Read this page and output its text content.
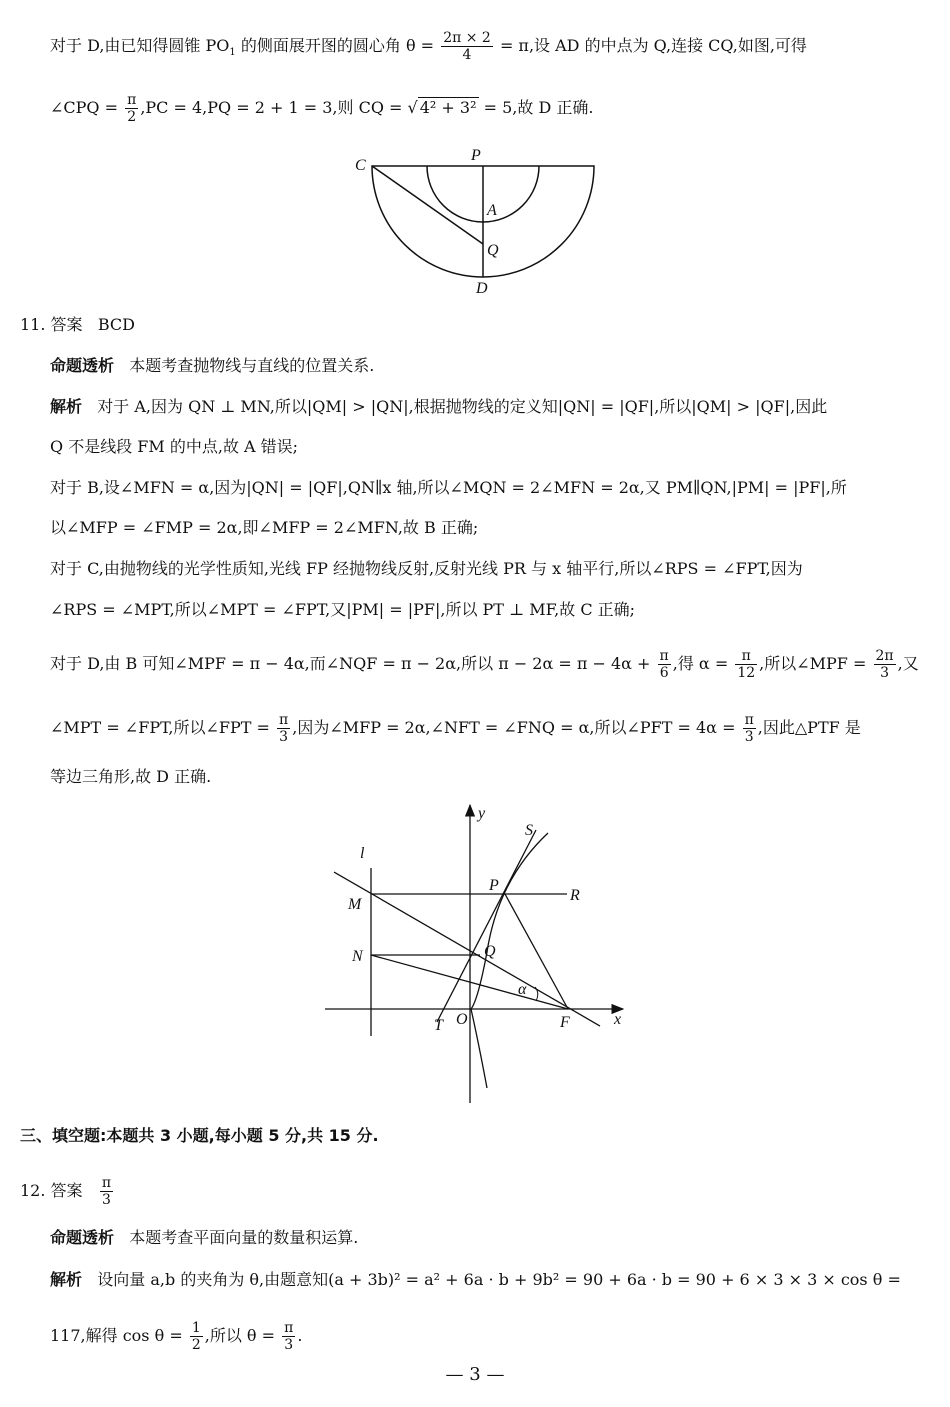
对于 D,由已知得圆锥 $PO_1$ 的侧面展开图的圆心角 $\theta = \frac{2\pi \times 2}{4} = \pi$,设 AD 的中点为 Q,连接 CQ,如图,可得
∠CPQ = $\frac{\pi}{2} ,PC = 4,PQ = 2 + 1 = 3$,则 CQ = √ 4² + 3² = 5,故 D 正确.
C
P
A
Q
D
11. 答案 BCD
命题透析 本题考查抛物线与直线的位置关系.
解析 对于 A,因为 QN ⊥ MN,所以|QM| > |QN|,根据抛物线的定义知|QN| = |QF|,所以|QM| > |QF|,因此
Q 不是线段 FM 的中点,故 A 错误;
对于 B,设∠MFN = α,因为|QN| = |QF|,QN∥x 轴,所以∠MQN = 2∠MFN = 2α,又 PM∥QN,|PM| = |PF|,所
以∠MFP = ∠FMP = 2α,即∠MFP = 2∠MFN,故 B 正确;
对于 C,由抛物线的光学性质知,光线 FP 经抛物线反射,反射光线 PR 与 x 轴平行,所以∠RPS = ∠FPT,因为
∠RPS = ∠MPT,所以∠MPT = ∠FPT,又|PM| = |PF|,所以 PT ⊥ MF,故 C 正确;
对于 D,由 B 可知∠MPF = π − 4α,而∠NQF = π − 2α,所以 $\pi - 2\alpha = \pi - 4\alpha + \frac{\pi}{6}$ ,得 $\alpha = \frac{\pi}{12}$ ,所以∠MPF = $\frac{2\pi}{3}$ ,又
∠MPT = ∠FPT,所以∠FPT = $\frac{\pi}{3}$ ,因为∠MFP = 2α,∠NFT = ∠FNQ = α,所以∠PFT = $4\alpha = \frac{\pi}{3}$ ,因此△PTF 是
等边三角形,故 D 正确.
y
S
l
P
R
M
N	Q
α
T O	F	x
三、填空题:本题共 3 小题,每小题 5 分,共 15 分.
12. 答案 $\frac{\pi}{3}$
命题透析 本题考查平面向量的数量积运算.
解析 设向量 a,b 的夹角为 θ,由题意知(a + 3b)² = a² + 6a · b + 9b² = 90 + 6a · b = 90 + 6 × 3 × 3 × cos θ =
117,解得 $\cos \theta = \frac{1}{2}$ ,所以 $\theta = \frac{\pi}{3}$ .
— 3 —
